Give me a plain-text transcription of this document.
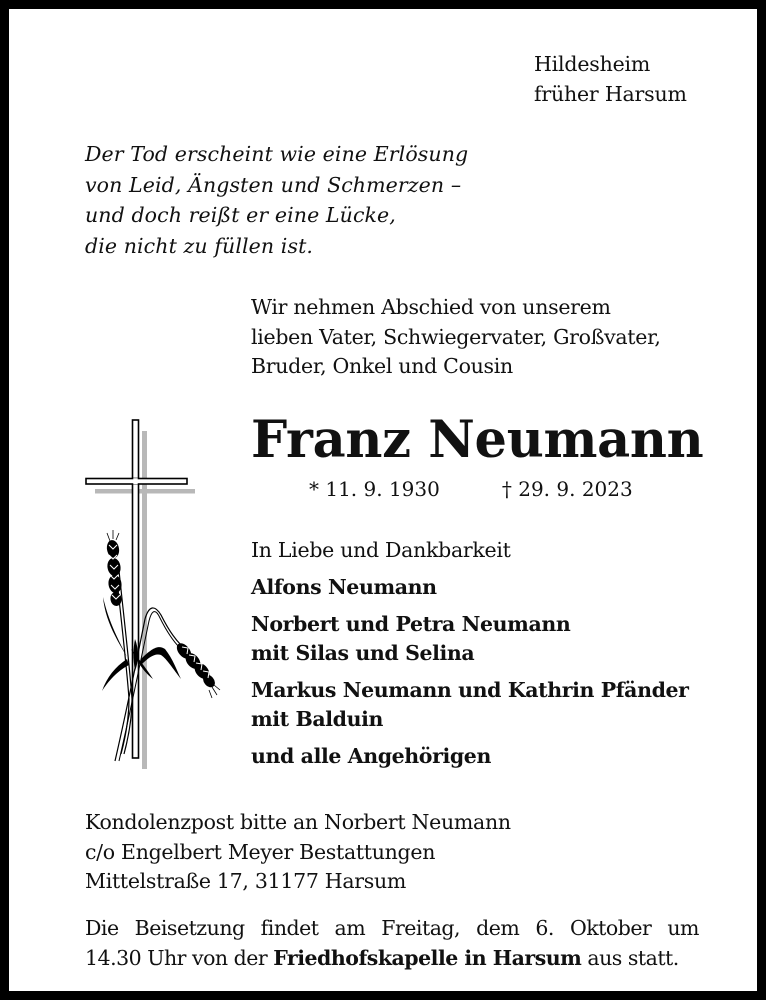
Hildesheim
früher Harsum
Der Tod erscheint wie eine Erlösung
von Leid, Ängsten und Schmerzen –
und doch reißt er eine Lücke,
die nicht zu füllen ist.
Wir nehmen Abschied von unserem
lieben Vater, Schwiegervater, Großvater,
Bruder, Onkel und Cousin
Franz Neumann
* 11. 9. 1930	† 29. 9. 2023
In Liebe und Dankbarkeit
Alfons Neumann
Norbert und Petra Neumann
mit Silas und Selina
Markus Neumann und Kathrin Pfänder
mit Balduin
und alle Angehörigen
Kondolenzpost bitte an Norbert Neumann
c/o Engelbert Meyer Bestattungen
Mittelstraße 17, 31177 Harsum
Die Beisetzung findet am Freitag, dem 6. Oktober um
14.30 Uhr von der Friedhofskapelle in Harsum aus statt.
